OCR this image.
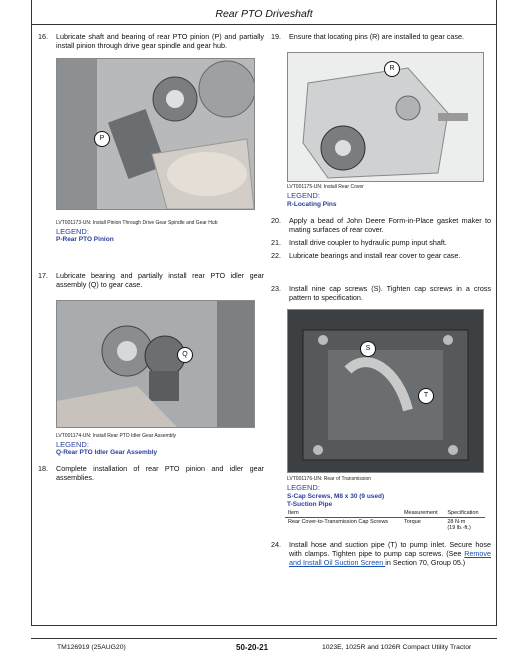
Rear PTO Driveshaft
16.	Lubricate shaft and bearing of rear PTO pinion (P) and partially install pinion through drive gear spindle and gear hub.
P
LVT001173-UN: Install Pinion Through Drive Gear Spindle and Gear Hub
LEGEND:
P-Rear PTO Pinion
17.	Lubricate bearing and partially install rear PTO idler gear assembly (Q) to gear case.
Q
LVT001174-UN: Install Rear PTO Idler Gear Assembly
LEGEND:
Q-Rear PTO Idler Gear Assembly
18.	Complete installation of rear PTO pinion and idler gear assemblies.
19.	Ensure that locating pins (R) are installed to gear case.
R
LVT001175-UN: Install Rear Cover
LEGEND:
R-Locating Pins
20.	Apply a bead of John Deere Form-in-Place gasket maker to mating surfaces of rear cover.
21.	Install drive coupler to hydraulic pump input shaft.
22.	Lubricate bearings and install rear cover to gear case.
23.	Install nine cap screws (S). Tighten cap screws in a cross pattern to specification.
S
T
LVT001176-UN: Rear of Transmission
LEGEND:
S-Cap Screws, M8 x 30 (9 used)
T-Suction Pipe
Item	Measurement	Specification
Rear Cover-to-Transmission Cap Screws	Torque	28 N·m
(19 lb.-ft.)
24.	Install hose and suction pipe (T) to pump inlet. Secure hose with clamps. Tighten pipe to pump cap screws. (See Remove and Install Oil Suction Screen in Section 70, Group 05.)
TM126919 (25AUG20)	50-20-21	1023E, 1025R and 1026R Compact Utility Tractor
